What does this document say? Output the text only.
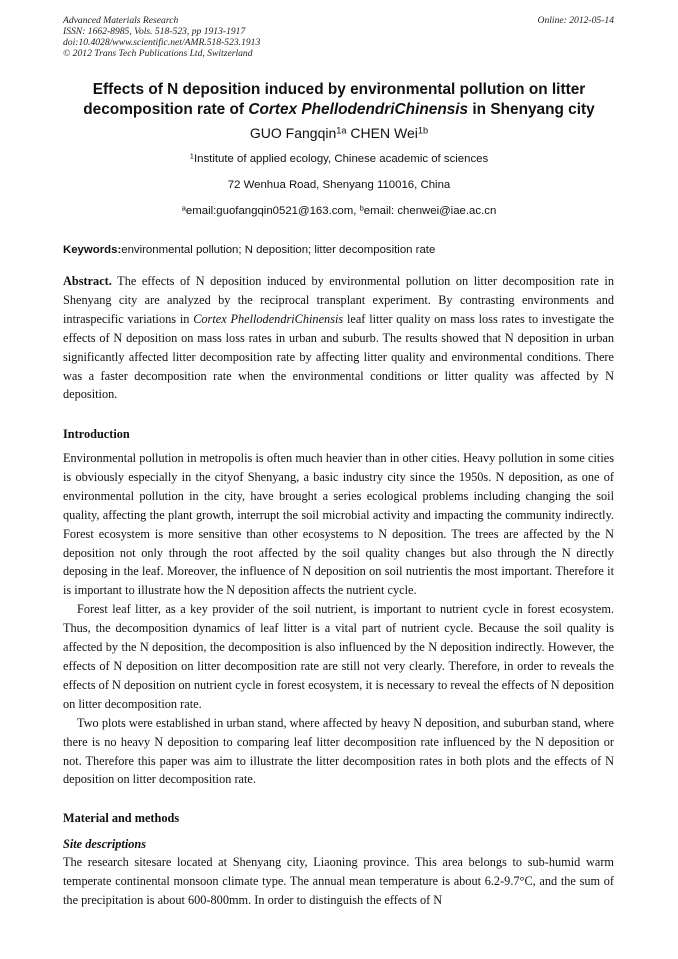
Advanced Materials Research
ISSN: 1662-8985, Vols. 518-523, pp 1913-1917
doi:10.4028/www.scientific.net/AMR.518-523.1913
© 2012 Trans Tech Publications Ltd, Switzerland
Online: 2012-05-14
Effects of N deposition induced by environmental pollution on litter
decomposition rate of Cortex PhellodendriChinensis in Shenyang city
GUO Fangqin$^{1a}$ CHEN Wei$^{1b}$
$^1$Institute of applied ecology, Chinese academic of sciences
72 Wenhua Road, Shenyang 110016, China
$^a$email:guofangqin0521@163.com, $^b$email: chenwei@iae.ac.cn
Keywords:environmental pollution; N deposition; litter decomposition rate

Abstract. The effects of N deposition induced by environmental pollution on litter decomposition rate in Shenyang city are analyzed by the reciprocal transplant experiment. By contrasting environments and intraspecific variations in Cortex PhellodendriChinensis leaf litter quality on mass loss rates to investigate the effects of N deposition on mass loss rates in urban and suburb. The results showed that N deposition in urban significantly affected litter decomposition rate by affecting litter quality and environmental conditions. There was a faster decomposition rate when the environmental conditions or litter quality was affected by N deposition.

Introduction

Environmental pollution in metropolis is often much heavier than in other cities. Heavy pollution in some cities is obviously especially in the cityof Shenyang, a basic industry city since the 1950s. N deposition, as one of environmental pollution in the city, have brought a series ecological problems including changing the soil quality, affecting the plant growth, interrupt the soil microbial activity and impacting the community indirectly. Forest ecosystem is more sensitive than other ecosystems to N deposition. The trees are affected by the N deposition not only through the root affected by the soil quality changes but also through the N directly deposing in the leaf. Moreover, the influence of N deposition on soil nutrientis the most important. Therefore it is important to illustrate how the N deposition affects the nutrient cycle.

Forest leaf litter, as a key provider of the soil nutrient, is important to nutrient cycle in forest ecosystem. Thus, the decomposition dynamics of leaf litter is a vital part of nutrient cycle. Because the soil quality is affected by the N deposition, the decomposition is also influenced by the N deposition indirectly. However, the effects of N deposition on litter decomposition rate are still not very clearly. Therefore, in order to reveals the effects of N deposition on nutrient cycle in forest ecosystem, it is necessary to reveal the effects of N deposition on litter decomposition rate.

Two plots were established in urban stand, where affected by heavy N deposition, and suburban stand, where there is no heavy N deposition to comparing leaf litter decomposition rate influenced by the N deposition or not. Therefore this paper was aim to illustrate the litter decomposition rates in both plots and the effects of N deposition on litter decomposition rate.

Material and methods
Site descriptions

The research sitesare located at Shenyang city, Liaoning province. This area belongs to sub-humid warm temperate continental monsoon climate type. The annual mean temperature is about 6.2-9.7°C, and the sum of the precipitation is about 600-800mm. In order to distinguish the effects of N
